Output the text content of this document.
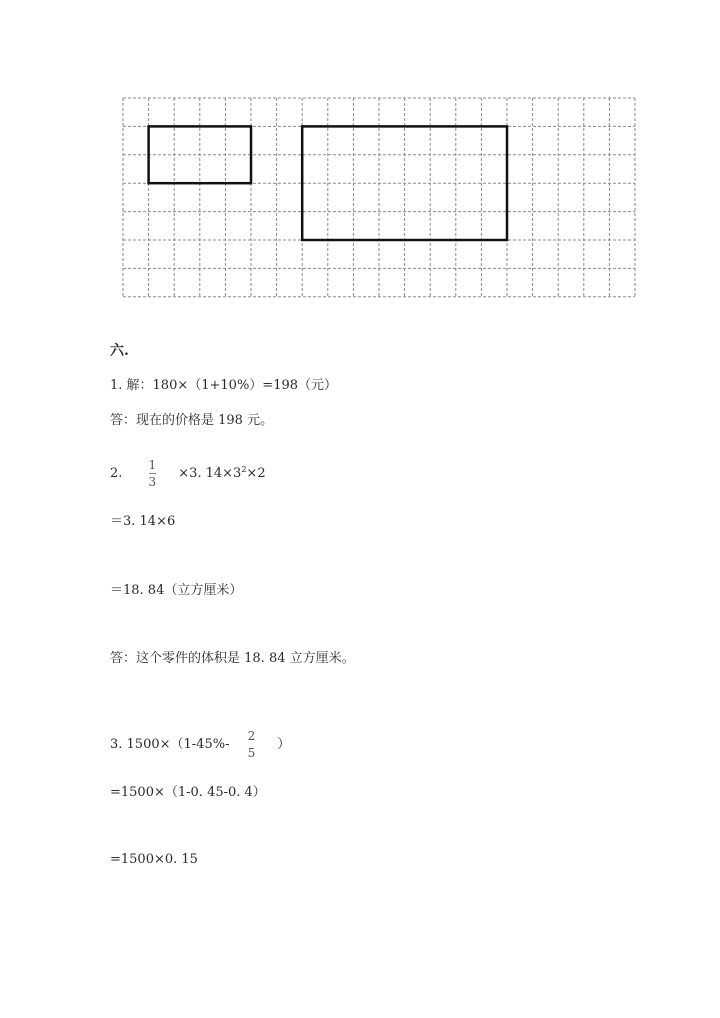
六.
1. 解：180×（1+10%）=198（元）
答：现在的价格是 198 元。
2. $\frac{1}{3} \times 3$. $14\times 3^2\times 2$
＝3. 14×6
＝18. 84（立方厘米）
答：这个零件的体积是 18. 84 立方厘米。
3. $1500\times(1-45\%- \frac{2}{5}$ ）
=1500×（1-0. 45-0. 4）
=1500×0. 15
